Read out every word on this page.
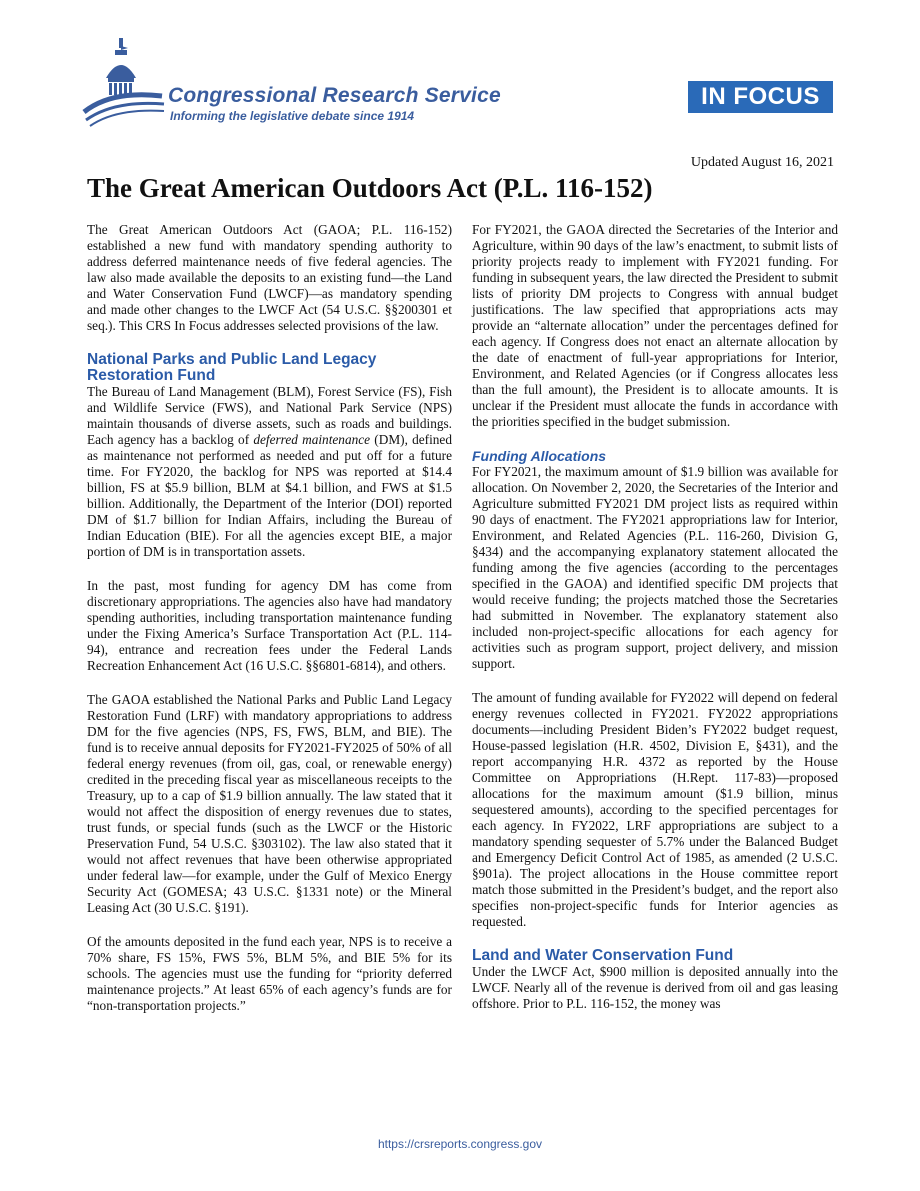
Congressional Research Service
Informing the legislative debate since 1914
IN FOCUS
Updated August 16, 2021
The Great American Outdoors Act (P.L. 116-152)

The Great American Outdoors Act (GAOA; P.L. 116-152) established a new fund with mandatory spending authority to address deferred maintenance needs of five federal agencies. The law also made available the deposits to an existing fund—the Land and Water Conservation Fund (LWCF)—as mandatory spending and made other changes to the LWCF Act (54 U.S.C. §§200301 et seq.). This CRS In Focus addresses selected provisions of the law.

National Parks and Public Land Legacy Restoration Fund

The Bureau of Land Management (BLM), Forest Service (FS), Fish and Wildlife Service (FWS), and National Park Service (NPS) maintain thousands of diverse assets, such as roads and buildings. Each agency has a backlog of deferred maintenance (DM), defined as maintenance not performed as needed and put off for a future time. For FY2020, the backlog for NPS was reported at $14.4 billion, FS at $5.9 billion, BLM at $4.1 billion, and FWS at $1.5 billion. Additionally, the Department of the Interior (DOI) reported DM of $1.7 billion for Indian Affairs, including the Bureau of Indian Education (BIE). For all the agencies except BIE, a major portion of DM is in transportation assets.

In the past, most funding for agency DM has come from discretionary appropriations. The agencies also have had mandatory spending authorities, including transportation maintenance funding under the Fixing America’s Surface Transportation Act (P.L. 114-94), entrance and recreation fees under the Federal Lands Recreation Enhancement Act (16 U.S.C. §§6801-6814), and others.

The GAOA established the National Parks and Public Land Legacy Restoration Fund (LRF) with mandatory appropriations to address DM for the five agencies (NPS, FS, FWS, BLM, and BIE). The fund is to receive annual deposits for FY2021-FY2025 of 50% of all federal energy revenues (from oil, gas, coal, or renewable energy) credited in the preceding fiscal year as miscellaneous receipts to the Treasury, up to a cap of $1.9 billion annually. The law stated that it would not affect the disposition of energy revenues due to states, trust funds, or special funds (such as the LWCF or the Historic Preservation Fund, 54 U.S.C. §303102). The law also stated that it would not affect revenues that have been otherwise appropriated under federal law—for example, under the Gulf of Mexico Energy Security Act (GOMESA; 43 U.S.C. §1331 note) or the Mineral Leasing Act (30 U.S.C. §191).

Of the amounts deposited in the fund each year, NPS is to receive a 70% share, FS 15%, FWS 5%, BLM 5%, and BIE 5% for its schools. The agencies must use the funding for “priority deferred maintenance projects.” At least 65% of each agency’s funds are for “non-transportation projects.”

For FY2021, the GAOA directed the Secretaries of the Interior and Agriculture, within 90 days of the law’s enactment, to submit lists of priority projects ready to implement with FY2021 funding. For funding in subsequent years, the law directed the President to submit lists of priority DM projects to Congress with annual budget justifications. The law specified that appropriations acts may provide an “alternate allocation” under the percentages defined for each agency. If Congress does not enact an alternate allocation by the date of enactment of full-year appropriations for Interior, Environment, and Related Agencies (or if Congress allocates less than the full amount), the President is to allocate amounts. It is unclear if the President must allocate the funds in accordance with the priorities specified in the budget submission.

Funding Allocations

For FY2021, the maximum amount of $1.9 billion was available for allocation. On November 2, 2020, the Secretaries of the Interior and Agriculture submitted FY2021 DM project lists as required within 90 days of enactment. The FY2021 appropriations law for Interior, Environment, and Related Agencies (P.L. 116-260, Division G, §434) and the accompanying explanatory statement allocated the funding among the five agencies (according to the percentages specified in the GAOA) and identified specific DM projects that would receive funding; the projects matched those the Secretaries had submitted in November. The explanatory statement also included non-project-specific allocations for each agency for activities such as program support, project delivery, and mission support.

The amount of funding available for FY2022 will depend on federal energy revenues collected in FY2021. FY2022 appropriations documents—including President Biden’s FY2022 budget request, House-passed legislation (H.R. 4502, Division E, §431), and the report accompanying H.R. 4372 as reported by the House Committee on Appropriations (H.Rept. 117-83)—proposed allocations for the maximum amount ($1.9 billion, minus sequestered amounts), according to the specified percentages for each agency. In FY2022, LRF appropriations are subject to a mandatory spending sequester of 5.7% under the Balanced Budget and Emergency Deficit Control Act of 1985, as amended (2 U.S.C. §901a). The project allocations in the House committee report match those submitted in the President’s budget, and the report also specifies non-project-specific funds for Interior agencies as requested.

Land and Water Conservation Fund

Under the LWCF Act, $900 million is deposited annually into the LWCF. Nearly all of the revenue is derived from oil and gas leasing offshore. Prior to P.L. 116-152, the money was

https://crsreports.congress.gov
